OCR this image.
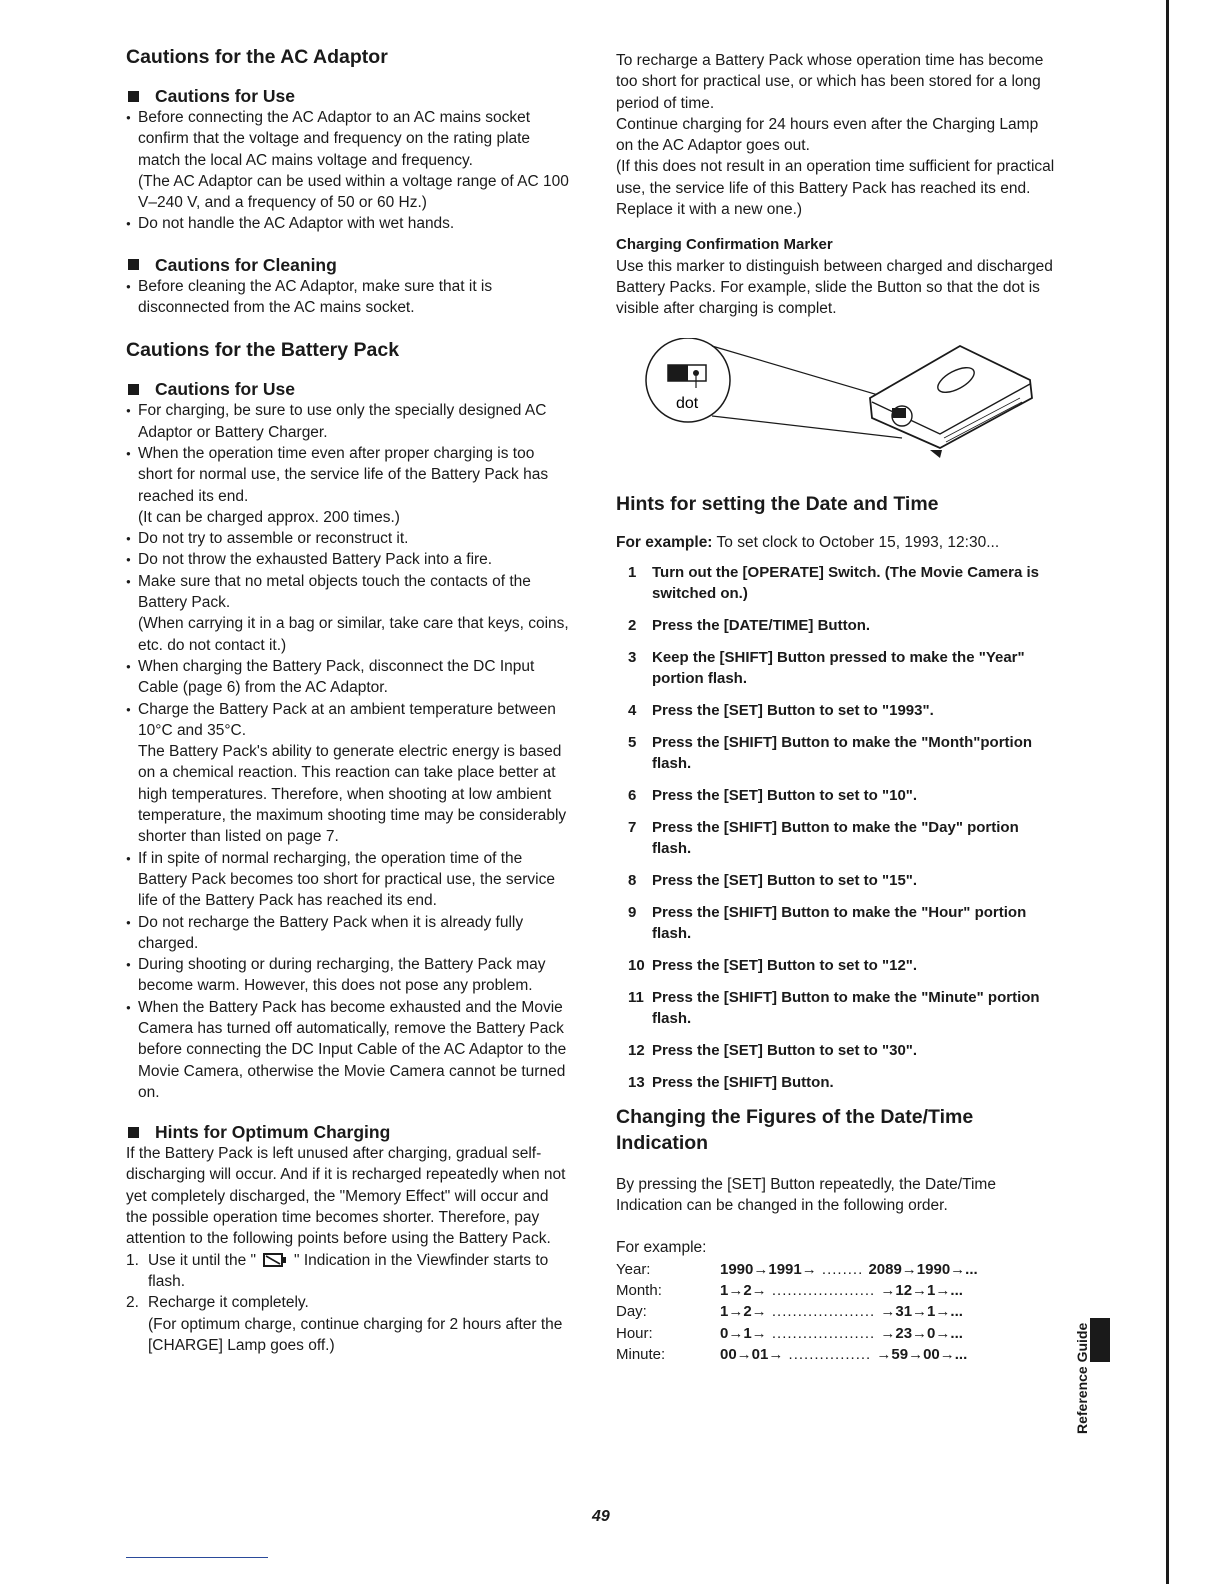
Cautions for the AC Adaptor
Cautions for Use

● Before connecting the AC Adaptor to an AC mains socket confirm that the voltage and frequency on the rating plate match the local AC mains voltage and frequency.

(The AC Adaptor can be used within a voltage range of AC 100 V–240 V, and a frequency of 50 or 60 Hz.)

● Do not handle the AC Adaptor with wet hands.

Cautions for Cleaning

● Before cleaning the AC Adaptor, make sure that it is disconnected from the AC mains socket.

Cautions for the Battery Pack
Cautions for Use

● For charging, be sure to use only the specially designed AC Adaptor or Battery Charger.

● When the operation time even after proper charging is too short for normal use, the service life of the Battery Pack has reached its end.

(It can be charged approx. 200 times.)

● Do not try to assemble or reconstruct it.

● Do not throw the exhausted Battery Pack into a fire.

● Make sure that no metal objects touch the contacts of the Battery Pack.

(When carrying it in a bag or similar, take care that keys, coins, etc. do not contact it.)

● When charging the Battery Pack, disconnect the DC Input Cable (page 6) from the AC Adaptor.

● Charge the Battery Pack at an ambient temperature between 10°C and 35°C.

The Battery Pack's ability to generate electric energy is based on a chemical reaction. This reaction can take place better at high temperatures. Therefore, when shooting at low ambient temperature, the maximum shooting time may be considerably shorter than listed on page 7.

● If in spite of normal recharging, the operation time of the Battery Pack becomes too short for practical use, the service life of the Battery Pack has reached its end.

● Do not recharge the Battery Pack when it is already fully charged.

● During shooting or during recharging, the Battery Pack may become warm. However, this does not pose any problem.

● When the Battery Pack has become exhausted and the Movie Camera has turned off automatically, remove the Battery Pack before connecting the DC Input Cable of the AC Adaptor to the Movie Camera, otherwise the Movie Camera cannot be turned on.

Hints for Optimum Charging

If the Battery Pack is left unused after charging, gradual self-discharging will occur. And if it is recharged repeatedly when not yet completely discharged, the "Memory Effect" will occur and the possible operation time becomes shorter. Therefore, pay attention to the following points before using the Battery Pack.

1. Use it until the " " Indication in the Viewfinder starts to flash.
2. Recharge it completely.

(For optimum charge, continue charging for 2 hours after the [CHARGE] Lamp goes off.)

To recharge a Battery Pack whose operation time has become too short for practical use, or which has been stored for a long period of time.

Continue charging for 24 hours even after the Charging Lamp on the AC Adaptor goes out.

(If this does not result in an operation time sufficient for practical use, the service life of this Battery Pack has reached its end. Replace it with a new one.)

Charging Confirmation Marker

Use this marker to distinguish between charged and discharged Battery Packs. For example, slide the Button so that the dot is visible after charging is complet.

dot
Hints for setting the Date and Time

For example: To set clock to October 15, 1993, 12:30...

1	Turn out the [OPERATE] Switch. (The Movie Camera is switched on.)
2	Press the [DATE/TIME] Button.
3	Keep the [SHIFT] Button pressed to make the "Year" portion flash.
4	Press the [SET] Button to set to "1993".
5	Press the [SHIFT] Button to make the "Month"portion flash.
6	Press the [SET] Button to set to "10".
7	Press the [SHIFT] Button to make the "Day" portion flash.
8	Press the [SET] Button to set to "15".
9	Press the [SHIFT] Button to make the "Hour" portion flash.
10 Press the [SET] Button to set to "12".
11 Press the [SHIFT] Button to make the "Minute" portion flash.
12 Press the [SET] Button to set to "30".
13 Press the [SHIFT] Button.
Changing the Figures of the Date/Time Indication

By pressing the [SET] Button repeatedly, the Date/Time Indication can be changed in the following order.

For example:

Year:	1990→1991→ ........ 2089→1990→...
Month:	1→2→ .................... →12→1→...
Day:	1→2→ .................... →31→1→...
Hour:	0→1→ .................... →23→0→...
Minute:	00→01→ ................ →59→00→...	Reference Guide
49
